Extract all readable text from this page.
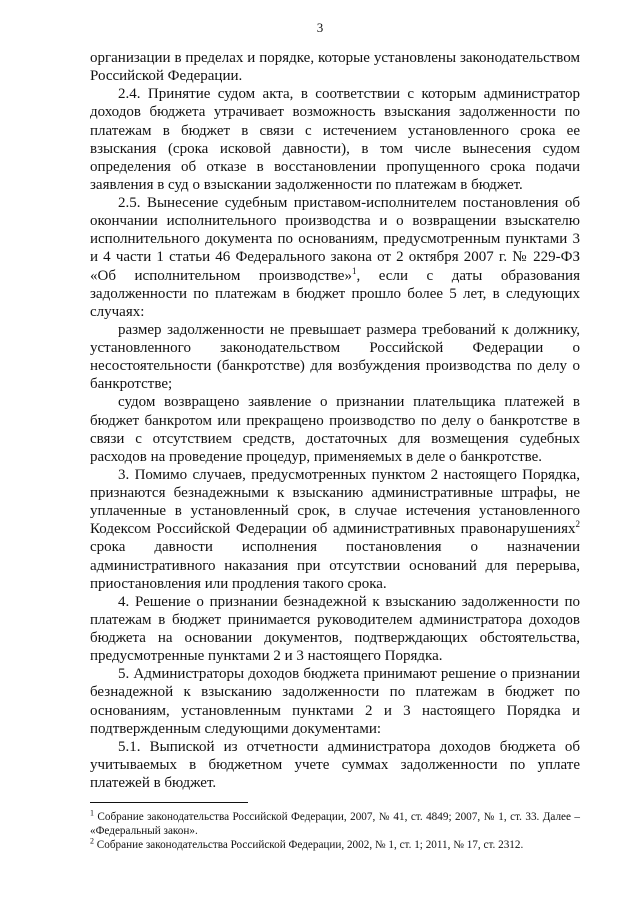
3

организации в пределах и порядке, которые установлены законодательством Российской Федерации.

2.4. Принятие судом акта, в соответствии с которым администратор доходов бюджета утрачивает возможность взыскания задолженности по платежам в бюджет в связи с истечением установленного срока ее взыскания (срока исковой давности), в том числе вынесения судом определения об отказе в восстановлении пропущенного срока подачи заявления в суд о взыскании задолженности по платежам в бюджет.

2.5. Вынесение судебным приставом-исполнителем постановления об окончании исполнительного производства и о возвращении взыскателю исполнительного документа по основаниям, предусмотренным пунктами 3 и 4 части 1 статьи 46 Федерального закона от 2 октября 2007 г. № 229-ФЗ «Об исполнительном производстве»$^1$, если с даты образования задолженности по платежам в бюджет прошло более 5 лет, в следующих случаях:

размер задолженности не превышает размера требований к должнику, установленного законодательством Российской Федерации о несостоятельности (банкротстве) для возбуждения производства по делу о банкротстве;

судом возвращено заявление о признании плательщика платежей в бюджет банкротом или прекращено производство по делу о банкротстве в связи с отсутствием средств, достаточных для возмещения судебных расходов на проведение процедур, применяемых в деле о банкротстве.

3. Помимо случаев, предусмотренных пунктом 2 настоящего Порядка, признаются безнадежными к взысканию административные штрафы, не уплаченные в установленный срок, в случае истечения установленного Кодексом Российской Федерации об административных правонарушениях$^2$ срока давности исполнения постановления о назначении административного наказания при отсутствии оснований для перерыва, приостановления или продления такого срока.

4. Решение о признании безнадежной к взысканию задолженности по платежам в бюджет принимается руководителем администратора доходов бюджета на основании документов, подтверждающих обстоятельства, предусмотренные пунктами 2 и 3 настоящего Порядка.

5. Администраторы доходов бюджета принимают решение о признании безнадежной к взысканию задолженности по платежам в бюджет по основаниям, установленным пунктами 2 и 3 настоящего Порядка и подтвержденным следующими документами:

5.1. Выпиской из отчетности администратора доходов бюджета об учитываемых в бюджетном учете суммах задолженности по уплате платежей в бюджет.

$^1$ Собрание законодательства Российской Федерации, 2007, № 41, ст. 4849; 2007, № 1, ст. 33. Далее – «Федеральный закон».

$^2$ Собрание законодательства Российской Федерации, 2002, № 1, ст. 1; 2011, № 17, ст. 2312.
